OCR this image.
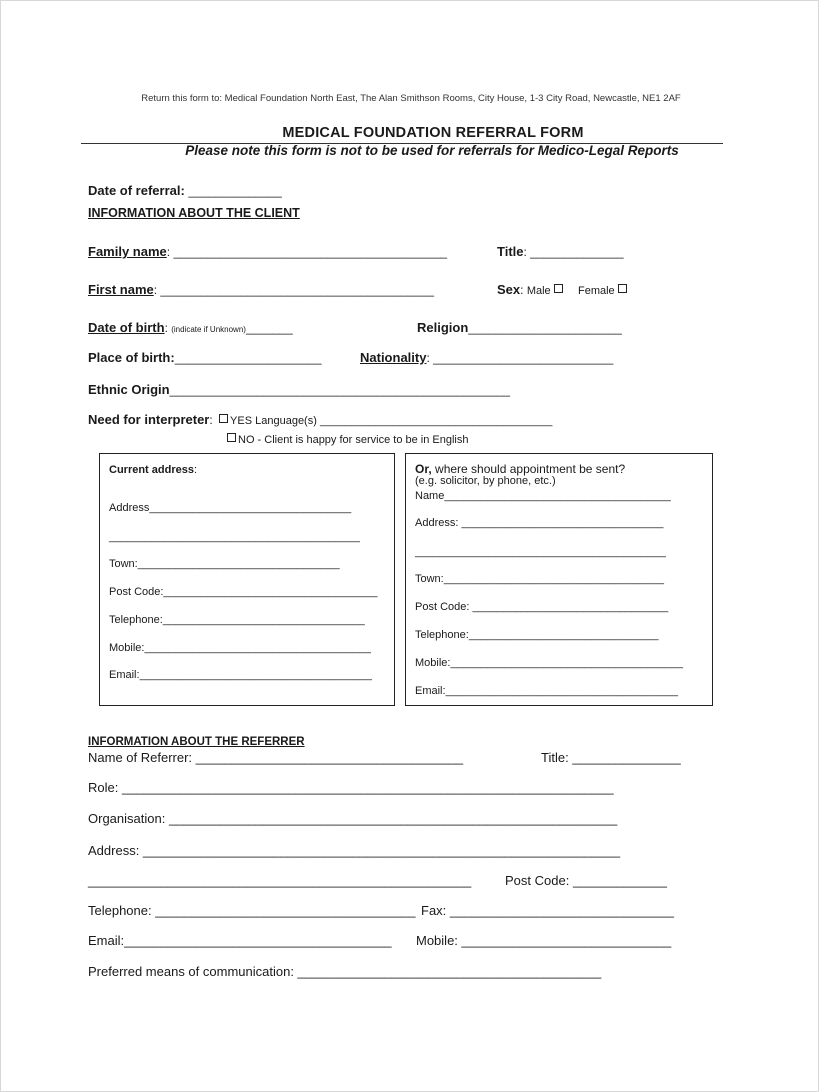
Return this form to: Medical Foundation North East, The Alan Smithson Rooms, City House, 1-3 City Road, Newcastle, NE1 2AF
MEDICAL FOUNDATION REFERRAL FORM
Please note this form is not to be used for referrals for Medico-Legal Reports
Date of referral: ______________
INFORMATION ABOUT THE CLIENT
Family name: _________________________________________	Title: ______________
First name: _________________________________________	Sex: Male Female
Date of birth: (indicate if Unknown)_______	Religion_______________________
Place of birth:______________________	Nationality: ___________________________
Ethnic Origin___________________________________________________
Need for interpreter: YES Language(s) ______________________________________
NO - Client is happy for service to be in English
Current address:
Address_________________________________
_________________________________________
Town:_________________________________
Post Code:___________________________________
Telephone:_________________________________
Mobile:_____________________________________
Email:______________________________________
Or, where should appointment be sent?
(e.g. solicitor, by phone, etc.)
Name_____________________________________
Address: _________________________________
_________________________________________
Town:____________________________________
Post Code: ________________________________
Telephone:_______________________________
Mobile:______________________________________
Email:______________________________________
INFORMATION ABOUT THE REFERRER
Name of Referrer: _____________________________________	Title: _______________
Role: ____________________________________________________________________
Organisation: ______________________________________________________________
Address: __________________________________________________________________
_____________________________________________________	Post Code: _____________
Telephone: ____________________________________ Fax: _______________________________
Email:_____________________________________ Mobile: _____________________________
Preferred means of communication: __________________________________________
